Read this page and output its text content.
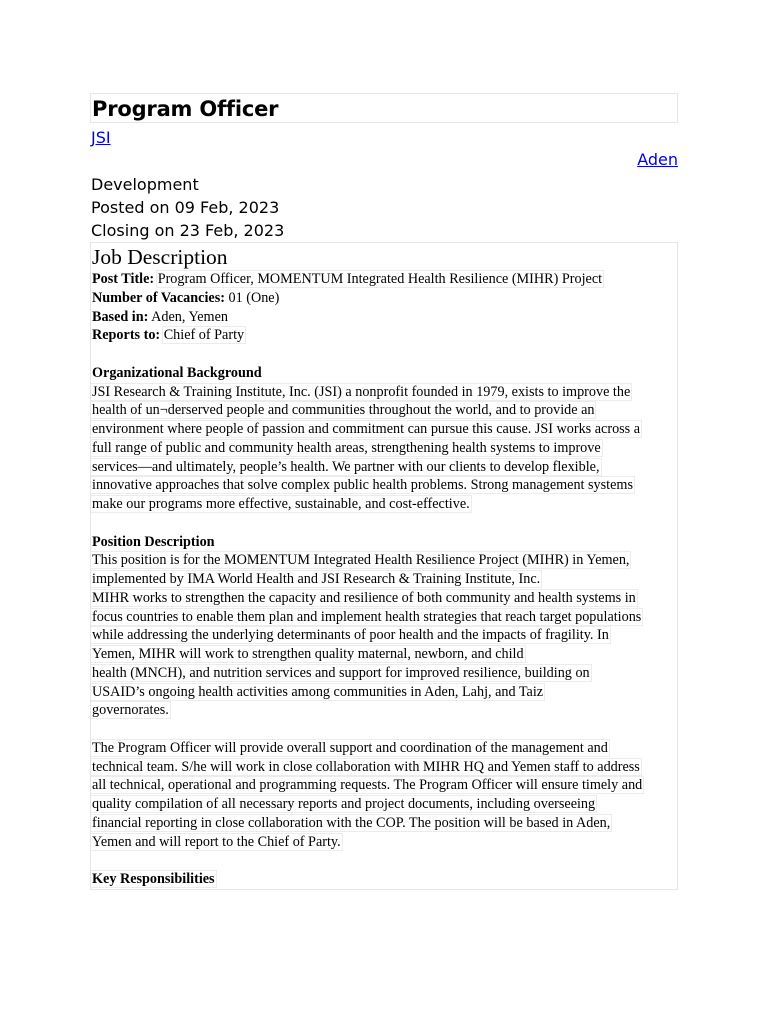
Program Officer
JSI
Aden
Development
Posted on 09 Feb, 2023
Closing on 23 Feb, 2023
Job Description
Post Title: Program Officer, MOMENTUM Integrated Health Resilience (MIHR) Project
Number of Vacancies: 01 (One)
Based in: Aden, Yemen
Reports to: Chief of Party
Organizational Background
JSI Research & Training Institute, Inc. (JSI) a nonprofit founded in 1979, exists to improve the
health of un¬derserved people and communities throughout the world, and to provide an
environment where people of passion and commitment can pursue this cause. JSI works across a
full range of public and community health areas, strengthening health systems to improve
services—and ultimately, people’s health. We partner with our clients to develop flexible,
innovative approaches that solve complex public health problems. Strong management systems
make our programs more effective, sustainable, and cost-effective.
Position Description
This position is for the MOMENTUM Integrated Health Resilience Project (MIHR) in Yemen,
implemented by IMA World Health and JSI Research & Training Institute, Inc.
MIHR works to strengthen the capacity and resilience of both community and health systems in
focus countries to enable them plan and implement health strategies that reach target populations
while addressing the underlying determinants of poor health and the impacts of fragility. In
Yemen, MIHR will work to strengthen quality maternal, newborn, and child
health (MNCH), and nutrition services and support for improved resilience, building on
USAID’s ongoing health activities among communities in Aden, Lahj, and Taiz
governorates.
The Program Officer will provide overall support and coordination of the management and
technical team. S/he will work in close collaboration with MIHR HQ and Yemen staff to address
all technical, operational and programming requests. The Program Officer will ensure timely and
quality compilation of all necessary reports and project documents, including overseeing
financial reporting in close collaboration with the COP. The position will be based in Aden,
Yemen and will report to the Chief of Party.
Key Responsibilities
